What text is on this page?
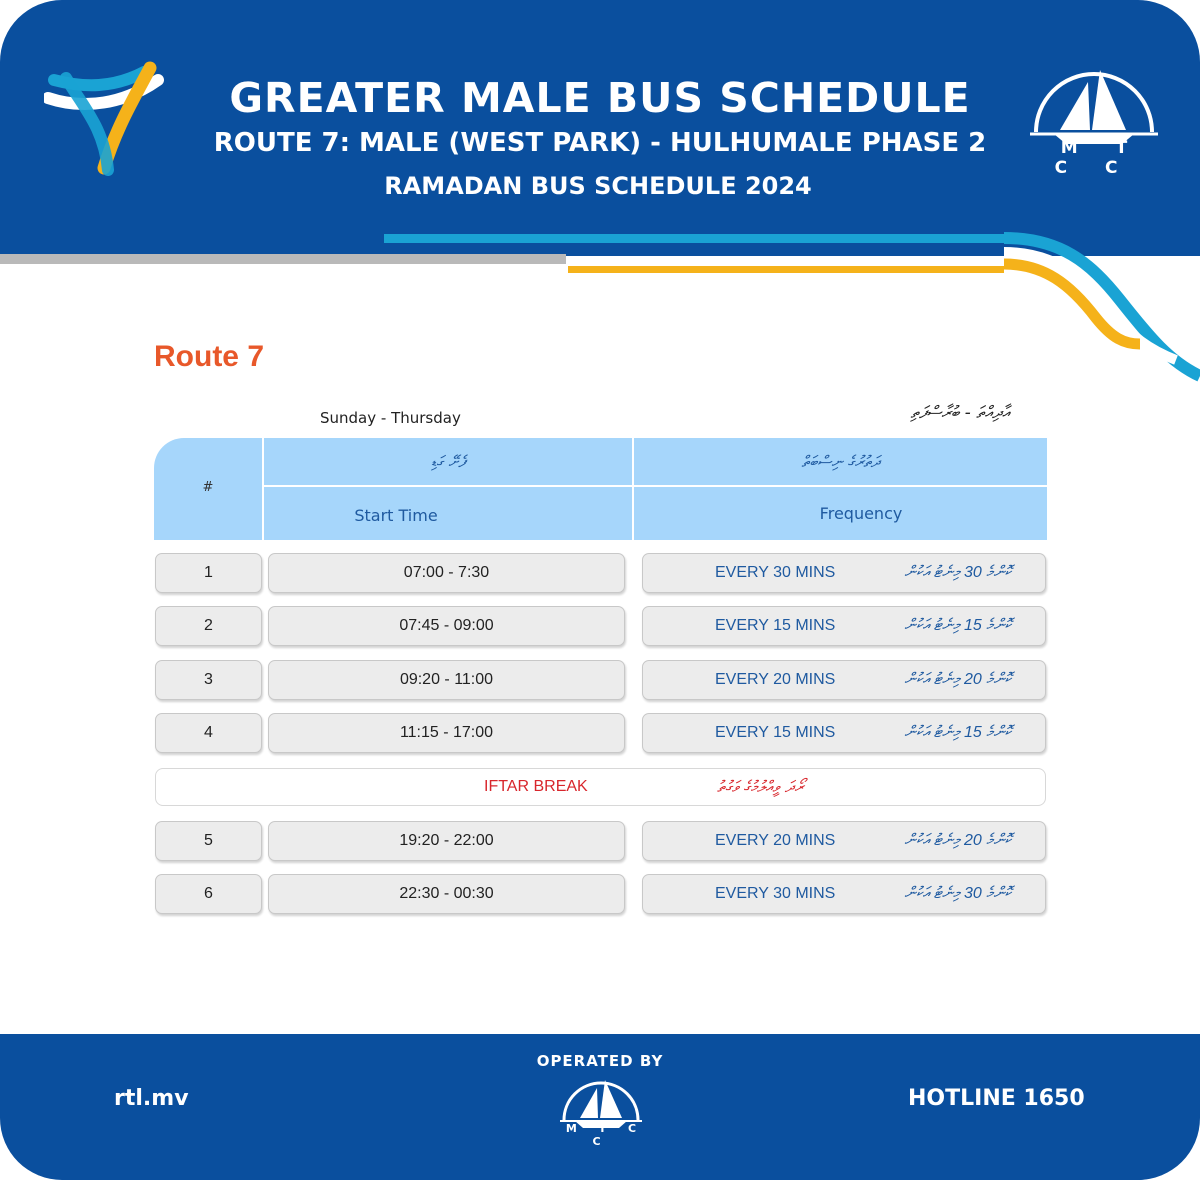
GREATER MALE BUS SCHEDULE

ROUTE 7: MALE (WEST PARK) - HULHUMALE PHASE 2

RAMADAN BUS SCHEDULE 2024

M T C C
Route 7
Sunday - Thursday	އާދިއްތަ - ބުރާސްފަތި
#
ފެށޭ ގަޑި
Start Time
ދަތުރުގެ ނިސްބަތް
Frequency
1	07:00 - 7:30	EVERY 30 MINS	ކޮންމެ 30 މިނެޓު އަކުން
2	07:45 - 09:00	EVERY 15 MINS	ކޮންމެ 15 މިނެޓު އަކުން
3	09:20 - 11:00	EVERY 20 MINS	ކޮންމެ 20 މިނެޓު އަކުން
4	11:15 - 17:00	EVERY 15 MINS	ކޮންމެ 15 މިނެޓު އަކުން
IFTAR BREAK	ރޯދަ ވީއްލުމުގެ ވަގުތު
5	19:20 - 22:00	EVERY 20 MINS	ކޮންމެ 20 މިނެޓު އަކުން
6	22:30 - 00:30	EVERY 30 MINS	ކޮންމެ 30 މިނެޓު އަކުން
rtl.mv
OPERATED BY
M T C C
HOTLINE 1650
